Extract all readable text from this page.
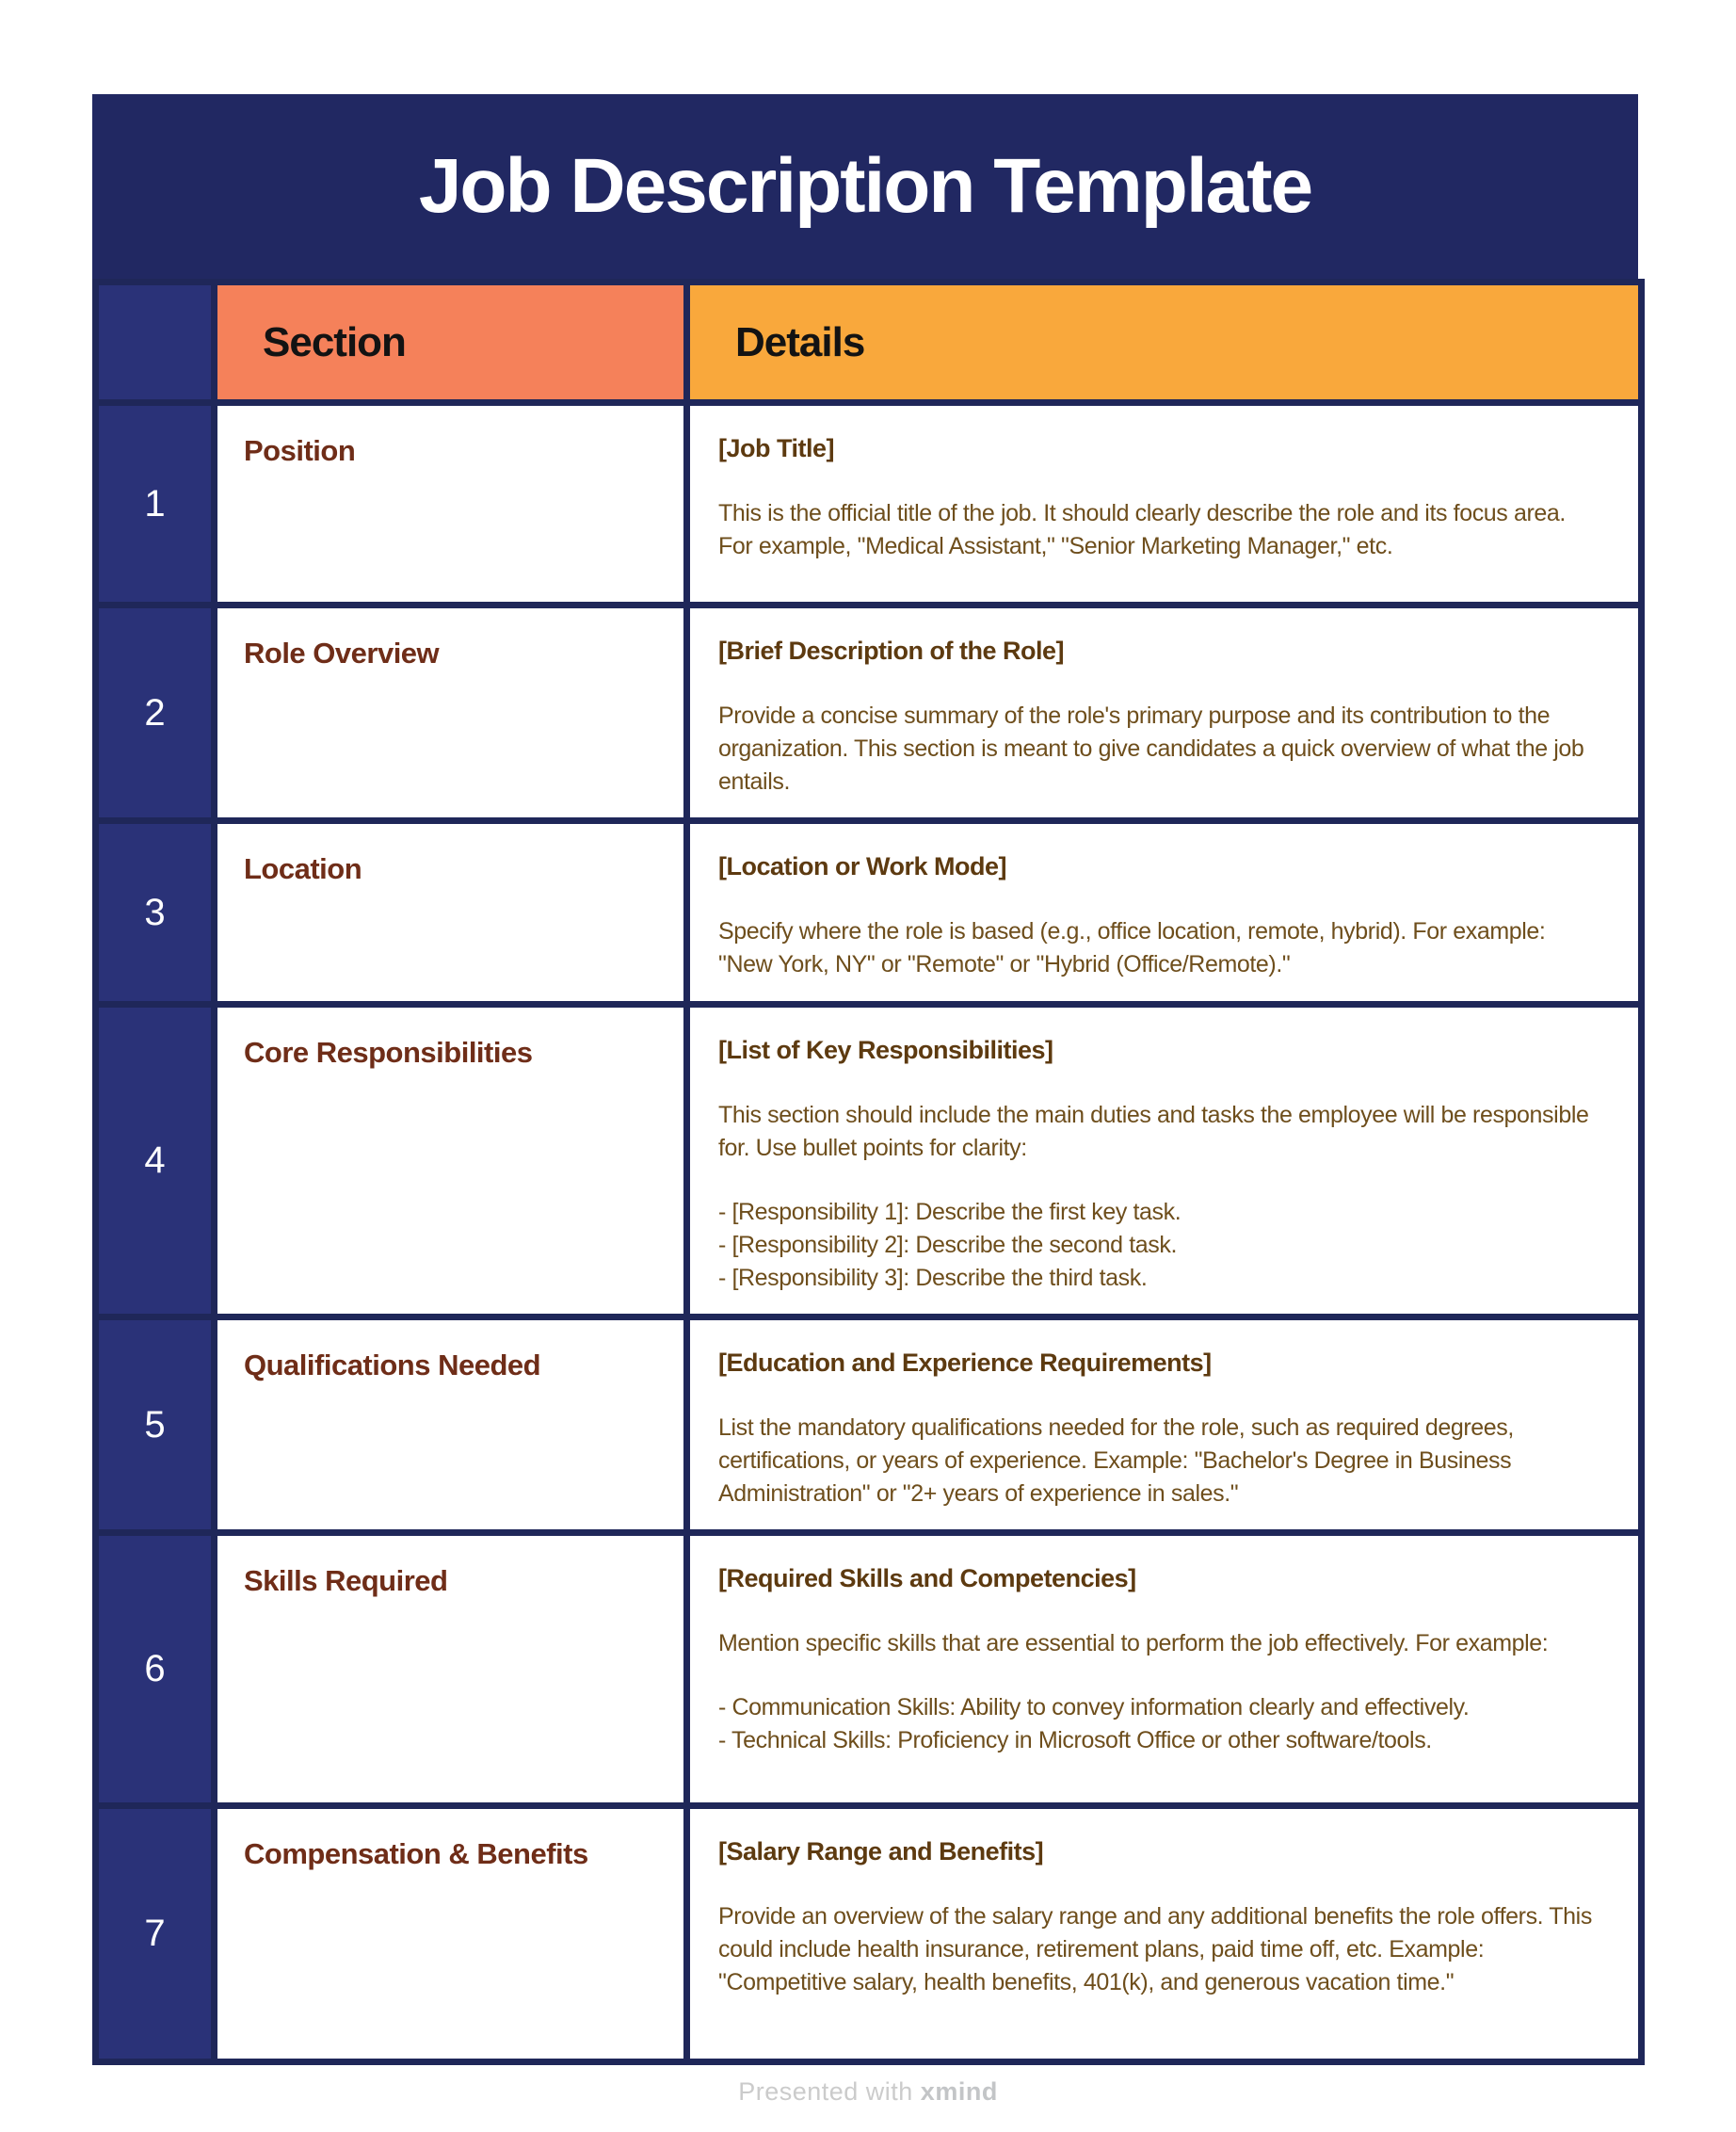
Job Description Template
	Section	Details
1	Position	[Job Title]

This is the official title of the job. It should clearly describe the role and its focus area. For example, "Medical Assistant," "Senior Marketing Manager," etc.

2	Role Overview	[Brief Description of the Role]

Provide a concise summary of the role's primary purpose and its contribution to the organization. This section is meant to give candidates a quick overview of what the job entails.

3	Location	[Location or Work Mode]

Specify where the role is based (e.g., office location, remote, hybrid). For example: "New York, NY" or "Remote" or "Hybrid (Office/Remote)."

4	Core Responsibilities	[List of Key Responsibilities]

This section should include the main duties and tasks the employee will be responsible for. Use bullet points for clarity:

- [Responsibility 1]: Describe the first key task.
- [Responsibility 2]: Describe the second task.
- [Responsibility 3]: Describe the third task.

5	Qualifications Needed	[Education and Experience Requirements]

List the mandatory qualifications needed for the role, such as required degrees, certifications, or years of experience. Example: "Bachelor's Degree in Business Administration" or "2+ years of experience in sales."

6	Skills Required	[Required Skills and Competencies]

Mention specific skills that are essential to perform the job effectively. For example:

- Communication Skills: Ability to convey information clearly and effectively.
- Technical Skills: Proficiency in Microsoft Office or other software/tools.

7	Compensation & Benefits	[Salary Range and Benefits]

Provide an overview of the salary range and any additional benefits the role offers. This could include health insurance, retirement plans, paid time off, etc. Example: "Competitive salary, health benefits, 401(k), and generous vacation time."

Presented with xmind
